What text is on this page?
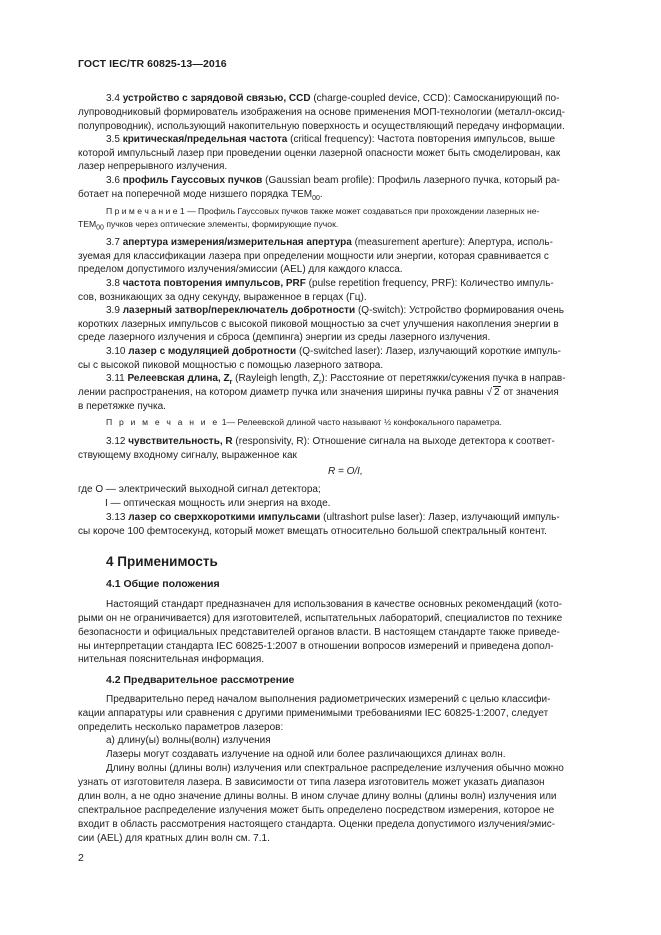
ГОСТ IEC/TR 60825-13—2016
3.4 устройство с зарядовой связью, CCD (charge-coupled device, CCD): Самосканирующий по-
лупроводниковый формирователь изображения на основе применения МОП-технологии (металл-оксид-
полупроводник), использующий накопительную поверхность и осуществляющий передачу информации.
3.5 критическая/предельная частота (critical frequency): Частота повторения импульсов, выше
которой импульсный лазер при проведении оценки лазерной опасности может быть смоделирован, как
лазер непрерывного излучения.
3.6 профиль Гауссовых пучков (Gaussian beam profile): Профиль лазерного пучка, который ра-
ботает на поперечной моде низшего порядка $TEM_{00}$.
П р и м е ч а н и е 1 — Профиль Гауссовых пучков также может создаваться при прохождении лазерных не-
$TEM_{00}$ пучков через оптические элементы, формирующие пучок.
3.7 апертура измерения/измерительная апертура (measurement aperture): Апертура, исполь-
зуемая для классификации лазера при определении мощности или энергии, которая сравнивается с
пределом допустимого излучения/эмиссии (AEL) для каждого класса.
3.8 частота повторения импульсов, PRF (pulse repetition frequency, PRF): Количество импуль-
сов, возникающих за одну секунду, выраженное в герцах (Гц).
3.9 лазерный затвор/переключатель добротности (Q-switch): Устройство формирования очень
коротких лазерных импульсов с высокой пиковой мощностью за счет улучшения накопления энергии в
среде лазерного излучения и сброса (демпинга) энергии из среды лазерного излучения.
3.10 лазер с модуляцией добротности (Q-switched laser): Лазер, излучающий короткие импуль-
сы с высокой пиковой мощностью с помощью лазерного затвора.
3.11 Релеевская длина, $Z_r$ (Rayleigh length, $Z_r$): Расстояние от перетяжки/сужения пучка в направ-
лении распространения, на котором диаметр пучка или значения ширины пучка равны √ 2 от значения
в перетяжке пучка.
П р и м е ч а н и е 1— Релеевской длиной часто называют ½ конфокального параметра.
3.12 чувствительность, R (responsivity, R): Отношение сигнала на выходе детектора к соответ-
ствующему входному сигналу, выраженное как
R = O/I,
где O — электрический выходной сигнал детектора;
I — оптическая мощность или энергия на входе.
3.13 лазер со сверхкороткими импульсами (ultrashort pulse laser): Лазер, излучающий импуль-
сы короче 100 фемтосекунд, который может вмещать относительно большой спектральный контент.
4 Применимость
4.1 Общие положения
Настоящий стандарт предназначен для использования в качестве основных рекомендаций (кото-
рыми он не ограничивается) для изготовителей, испытательных лабораторий, специалистов по технике
безопасности и официальных представителей органов власти. В настоящем стандарте также приведе-
ны интерпретации стандарта IEC 60825-1:2007 в отношении вопросов измерений и приведена допол-
нительная пояснительная информация.
4.2 Предварительное рассмотрение
Предварительно перед началом выполнения радиометрических измерений с целью классифи-
кации аппаратуры или сравнения с другими применимыми требованиями IEC 60825-1:2007, следует
определить несколько параметров лазеров:
a) длину(ы) волны(волн) излучения
Лазеры могут создавать излучение на одной или более различающихся длинах волн.
Длину волны (длины волн) излучения или спектральное распределение излучения обычно можно
узнать от изготовителя лазера. В зависимости от типа лазера изготовитель может указать диапазон
длин волн, а не одно значение длины волны. В ином случае длину волны (длины волн) излучения или
спектральное распределение излучения может быть определено посредством измерения, которое не
входит в область рассмотрения настоящего стандарта. Оценки предела допустимого излучения/эмис-
сии (AEL) для кратных длин волн см. 7.1.
2
